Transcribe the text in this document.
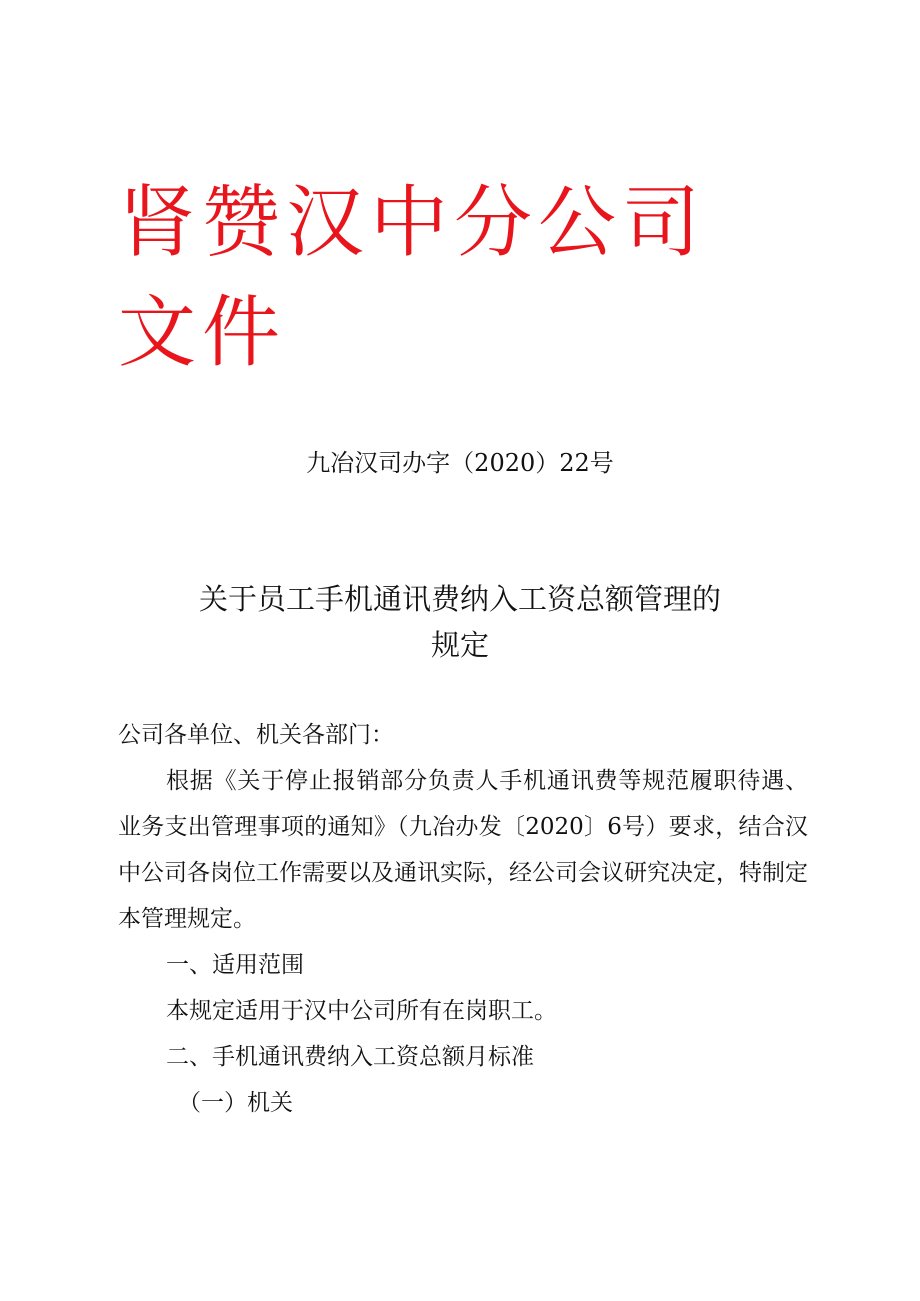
肾赞汉中分公司文件
九冶汉司办字（2020）22号
关于员工手机通讯费纳入工资总额管理的
规定

公司各单位、机关各部门：

根据《关于停止报销部分负责人手机通讯费等规范履职待遇、业务支出管理事项的通知》（九冶办发〔2020〕6号）要求，结合汉中公司各岗位工作需要以及通讯实际，经公司会议研究决定，特制定本管理规定。

一、适用范围

本规定适用于汉中公司所有在岗职工。

二、手机通讯费纳入工资总额月标准

（一）机关
